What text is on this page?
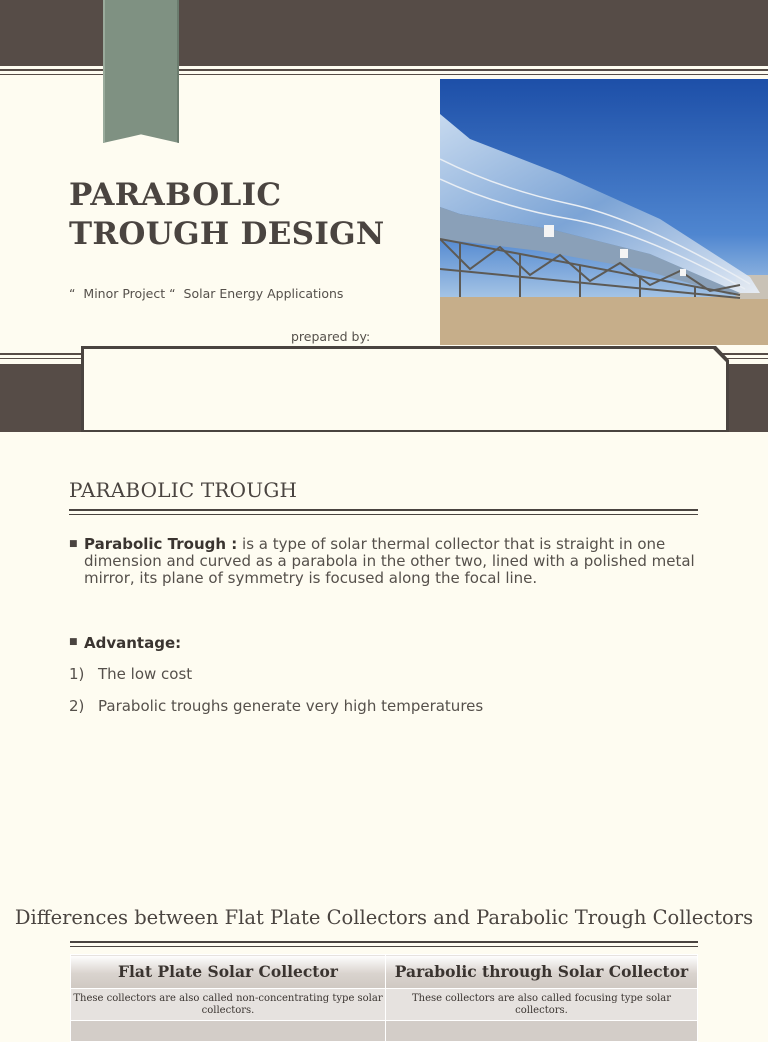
PARABOLIC
TROUGH DESIGN
“  Minor Project “  Solar Energy Applications
prepared by:
PARABOLIC TROUGH
■ Parabolic Trough : is a type of solar thermal collector that is straight in one dimension and curved as a parabola in the other two, lined with a polished metal mirror, its plane of symmetry is focused along the focal line.
■ Advantage:
1) The low cost
2) Parabolic troughs generate very high temperatures
Differences between Flat Plate Collectors and Parabolic Trough Collectors
Flat Plate Solar Collector	Parabolic through Solar Collector
These collectors are also called non-concentrating type solar collectors.	These collectors are also called focusing type solar collectors.
